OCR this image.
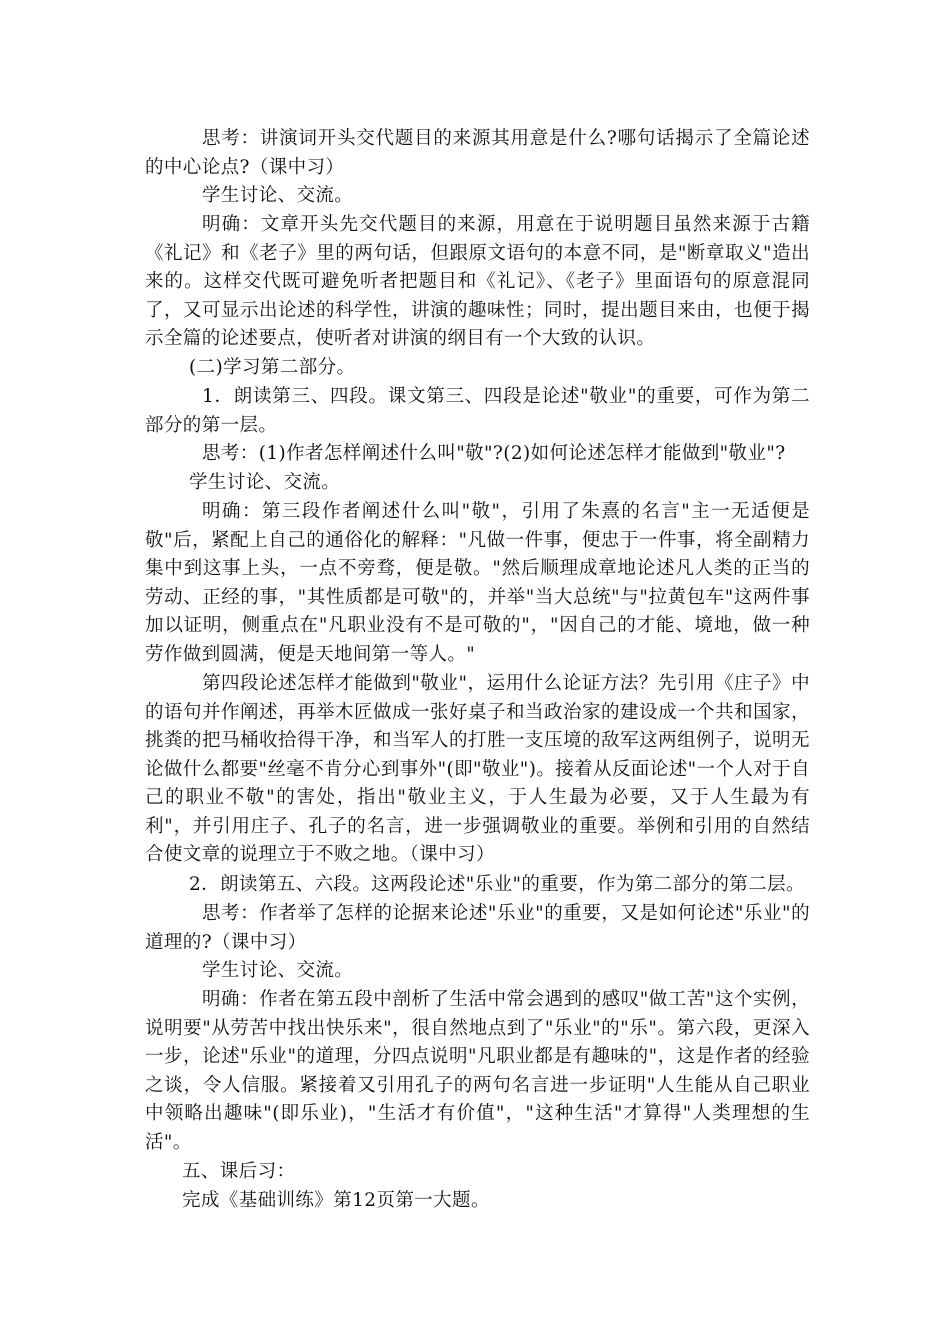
思考：讲演词开头交代题目的来源其用意是什么?哪句话揭示了全篇论述的中心论点?（课中习）

学生讨论、交流。

明确：文章开头先交代题目的来源，用意在于说明题目虽然来源于古籍《礼记》和《老子》里的两句话，但跟原文语句的本意不同，是"断章取义"造出来的。这样交代既可避免听者把题目和《礼记》、《老子》里面语句的原意混同了，又可显示出论述的科学性，讲演的趣味性；同时，提出题目来由，也便于揭示全篇的论述要点，使听者对讲演的纲目有一个大致的认识。

(二)学习第二部分。

1．朗读第三、四段。课文第三、四段是论述"敬业"的重要，可作为第二部分的第一层。

思考：(1)作者怎样阐述什么叫"敬"?(2)如何论述怎样才能做到"敬业"?

学生讨论、交流。

明确：第三段作者阐述什么叫"敬"，引用了朱熹的名言"主一无适便是敬"后，紧配上自己的通俗化的解释："凡做一件事，便忠于一件事，将全副精力集中到这事上头，一点不旁骛，便是敬。"然后顺理成章地论述凡人类的正当的劳动、正经的事，"其性质都是可敬"的，并举"当大总统"与"拉黄包车"这两件事加以证明，侧重点在"凡职业没有不是可敬的"，"因自己的才能、境地，做一种劳作做到圆满，便是天地间第一等人。"

第四段论述怎样才能做到"敬业"，运用什么论证方法？先引用《庄子》中的语句并作阐述，再举木匠做成一张好桌子和当政治家的建设成一个共和国家，挑粪的把马桶收拾得干净，和当军人的打胜一支压境的敌军这两组例子，说明无论做什么都要"丝毫不肯分心到事外"(即"敬业")。接着从反面论述"一个人对于自己的职业不敬"的害处，指出"敬业主义，于人生最为必要，又于人生最为有利"，并引用庄子、孔子的名言，进一步强调敬业的重要。举例和引用的自然结合使文章的说理立于不败之地。（课中习）

2．朗读第五、六段。这两段论述"乐业"的重要，作为第二部分的第二层。

思考：作者举了怎样的论据来论述"乐业"的重要，又是如何论述"乐业"的道理的?（课中习）

学生讨论、交流。

明确：作者在第五段中剖析了生活中常会遇到的感叹"做工苦"这个实例，说明要"从劳苦中找出快乐来"，很自然地点到了"乐业"的"乐"。第六段，更深入一步，论述"乐业"的道理，分四点说明"凡职业都是有趣味的"，这是作者的经验之谈，令人信服。紧接着又引用孔子的两句名言进一步证明"人生能从自己职业中领略出趣味"(即乐业)，"生活才有价值"，"这种生活"才算得"人类理想的生活"。

五、课后习：

完成《基础训练》第12页第一大题。
